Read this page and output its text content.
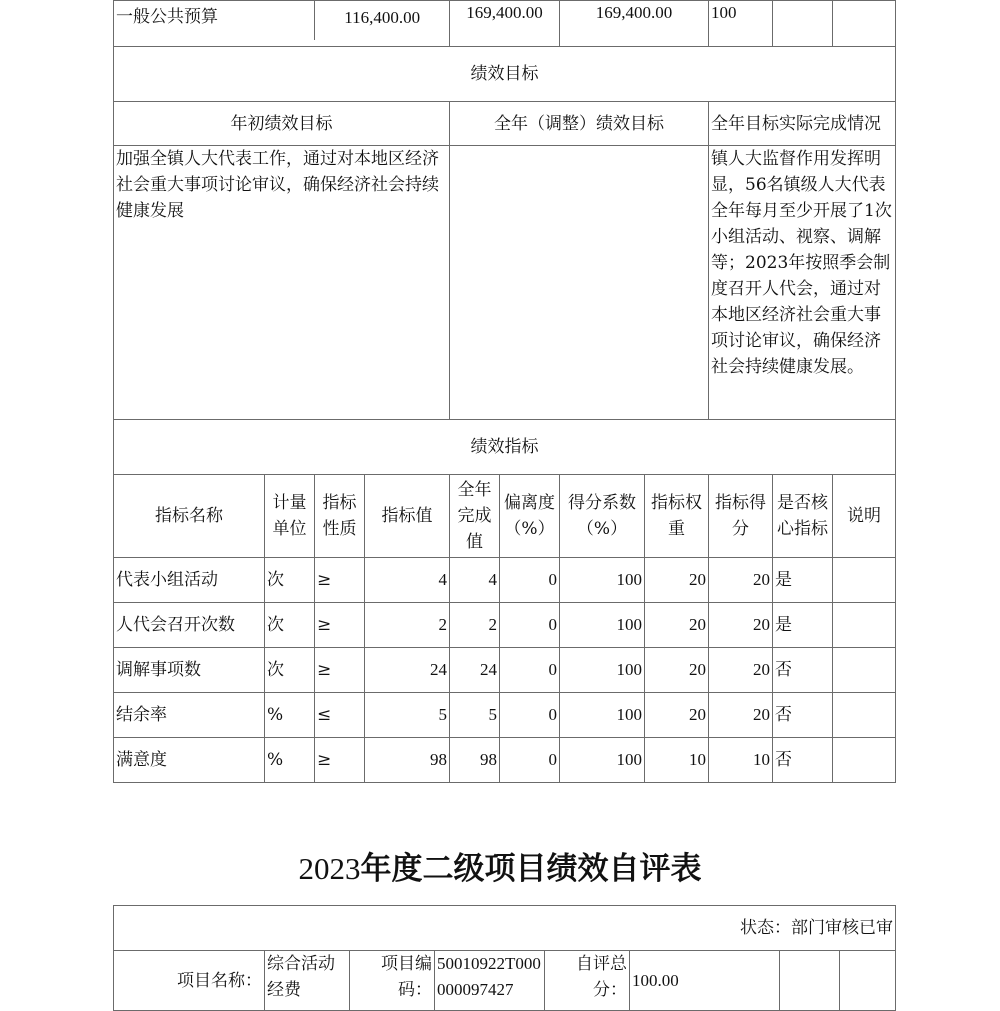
一般公共预算 116,400.00				169,400.00		169,400.00		100		
绩效目标										
年初绩效目标				全年（调整）绩效目标				全年目标实际完成情况		
加强全镇人大代表工作，通过对本地区经济社会重大事项讨论审议，确保经济社会持续健康发展								镇人大监督作用发挥明显，56名镇级人大代表全年每月至少开展了1次小组活动、视察、调解等；2023年按照季会制度召开人代会，通过对本地区经济社会重大事项讨论审议，确保经济社会持续健康发展。		
绩效指标										
指标名称	计量单位	指标性质	指标值	全年完成值	偏离度（%）	得分系数（%）	指标权重	指标得分	是否核心指标	说明
代表小组活动	次	≥	4	4	0	100	20	20	是	
人代会召开次数	次	≥	2	2	0	100	20	20	是	
调解事项数	次	≥	24	24	0	100	20	20	否	
结余率	%	≤	5	5	0	100	20	20	否	
满意度	%	≥	98	98	0	100	10	10	否	
2023年度二级项目绩效自评表
状态：部门审核已审
项目名称：	综合活动经费	项目编码：	50010922T000000097427	自评总分：	100.00		
